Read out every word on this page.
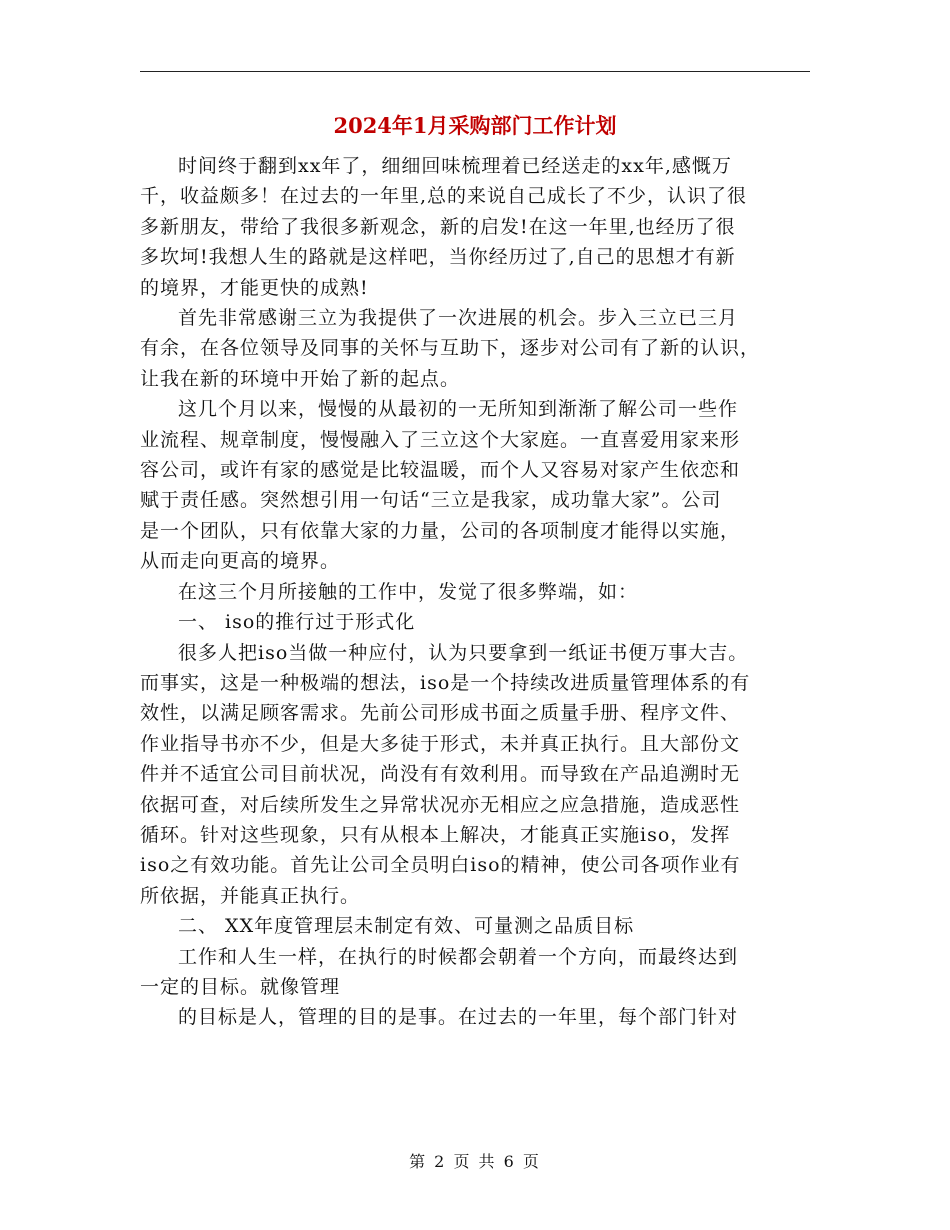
2024年1月采购部门工作计划

时间终于翻到xx年了，细细回味梳理着已经送走的xx年,感慨万
千，收益颇多！在过去的一年里,总的来说自己成长了不少，认识了很
多新朋友，带给了我很多新观念，新的启发!在这一年里,也经历了很
多坎坷!我想人生的路就是这样吧，当你经历过了,自己的思想才有新
的境界，才能更快的成熟!

首先非常感谢三立为我提供了一次进展的机会。步入三立已三月
有余，在各位领导及同事的关怀与互助下，逐步对公司有了新的认识，
让我在新的环境中开始了新的起点。

这几个月以来，慢慢的从最初的一无所知到渐渐了解公司一些作
业流程、规章制度，慢慢融入了三立这个大家庭。一直喜爱用家来形
容公司，或许有家的感觉是比较温暖，而个人又容易对家产生依恋和
赋于责任感。突然想引用一句话“三立是我家，成功靠大家”。公司
是一个团队，只有依靠大家的力量，公司的各项制度才能得以实施，
从而走向更高的境界。

在这三个月所接触的工作中，发觉了很多弊端，如：

一、 iso的推行过于形式化

很多人把iso当做一种应付，认为只要拿到一纸证书便万事大吉。
而事实，这是一种极端的想法，iso是一个持续改进质量管理体系的有
效性，以满足顾客需求。先前公司形成书面之质量手册、程序文件、
作业指导书亦不少，但是大多徒于形式，未并真正执行。且大部份文
件并不适宜公司目前状况，尚没有有效利用。而导致在产品追溯时无
依据可查，对后续所发生之异常状况亦无相应之应急措施，造成恶性
循环。针对这些现象，只有从根本上解决，才能真正实施iso，发挥
iso之有效功能。首先让公司全员明白iso的精神，使公司各项作业有
所依据，并能真正执行。

二、 XX年度管理层未制定有效、可量测之品质目标

工作和人生一样，在执行的时候都会朝着一个方向，而最终达到
一定的目标。就像管理

的目标是人，管理的目的是事。在过去的一年里，每个部门针对

第 2 页 共 6 页
